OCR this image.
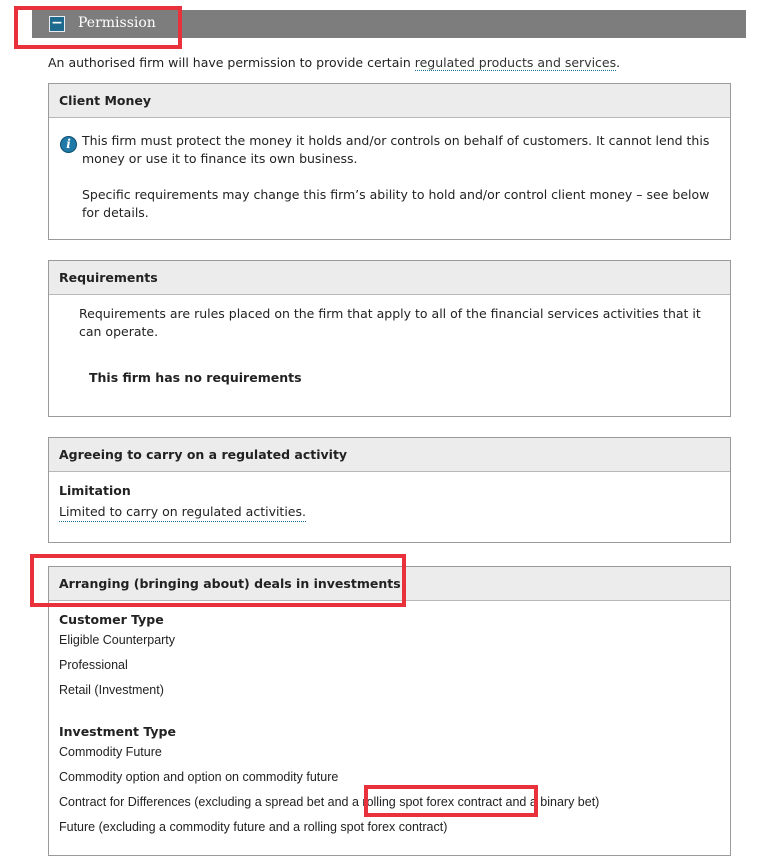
− Permission
An authorised firm will have permission to provide certain regulated products and services.
Client Money
i This firm must protect the money it holds and/or controls on behalf of customers. It cannot lend this money or use it to finance its own business.
Specific requirements may change this firm’s ability to hold and/or control client money – see below for details.
Requirements
Requirements are rules placed on the firm that apply to all of the financial services activities that it can operate.
This firm has no requirements
Agreeing to carry on a regulated activity
Limitation
Limited to carry on regulated activities.
Arranging (bringing about) deals in investments
Customer Type
Eligible Counterparty
Professional
Retail (Investment)
Investment Type
Commodity Future
Commodity option and option on commodity future
Contract for Differences (excluding a spread bet and a rolling spot forex contract and a binary bet)
Future (excluding a commodity future and a rolling spot forex contract)
